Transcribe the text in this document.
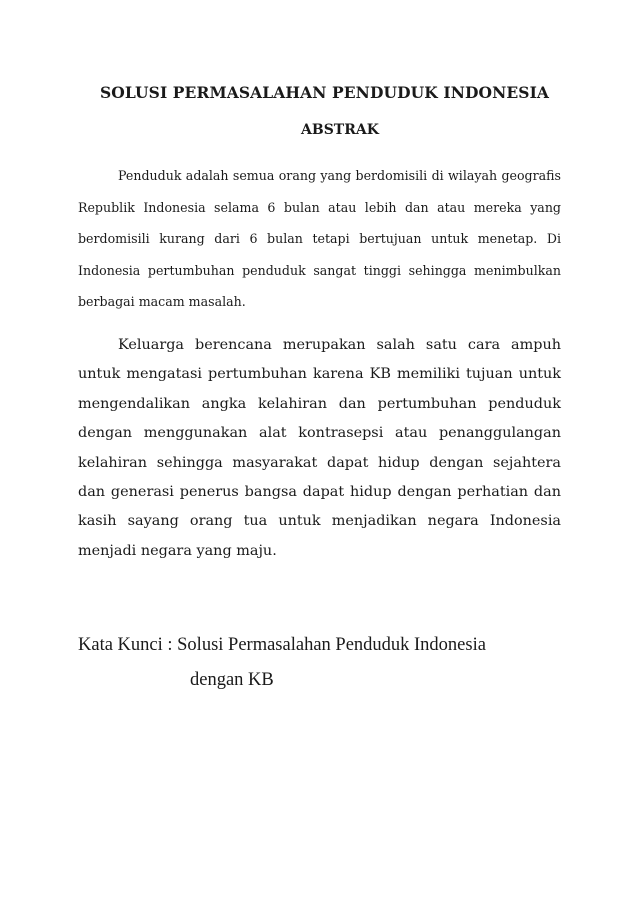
SOLUSI PERMASALAHAN PENDUDUK INDONESIA
ABSTRAK
Penduduk adalah semua orang yang berdomisili di wilayah geografis Republik Indonesia selama 6 bulan atau lebih dan atau mereka yang berdomisili kurang dari 6 bulan tetapi bertujuan untuk menetap. Di Indonesia pertumbuhan penduduk sangat tinggi sehingga menimbulkan berbagai macam masalah.
Keluarga berencana merupakan salah satu cara ampuh untuk mengatasi pertumbuhan karena KB memiliki tujuan untuk mengendalikan angka kelahiran dan pertumbuhan penduduk dengan menggunakan alat kontrasepsi atau penanggulangan kelahiran sehingga masyarakat dapat hidup dengan sejahtera dan generasi penerus bangsa dapat hidup dengan perhatian dan kasih sayang orang tua untuk menjadikan negara Indonesia menjadi negara yang maju.
Kata Kunci : Solusi Permasalahan Penduduk Indonesia
dengan KB
